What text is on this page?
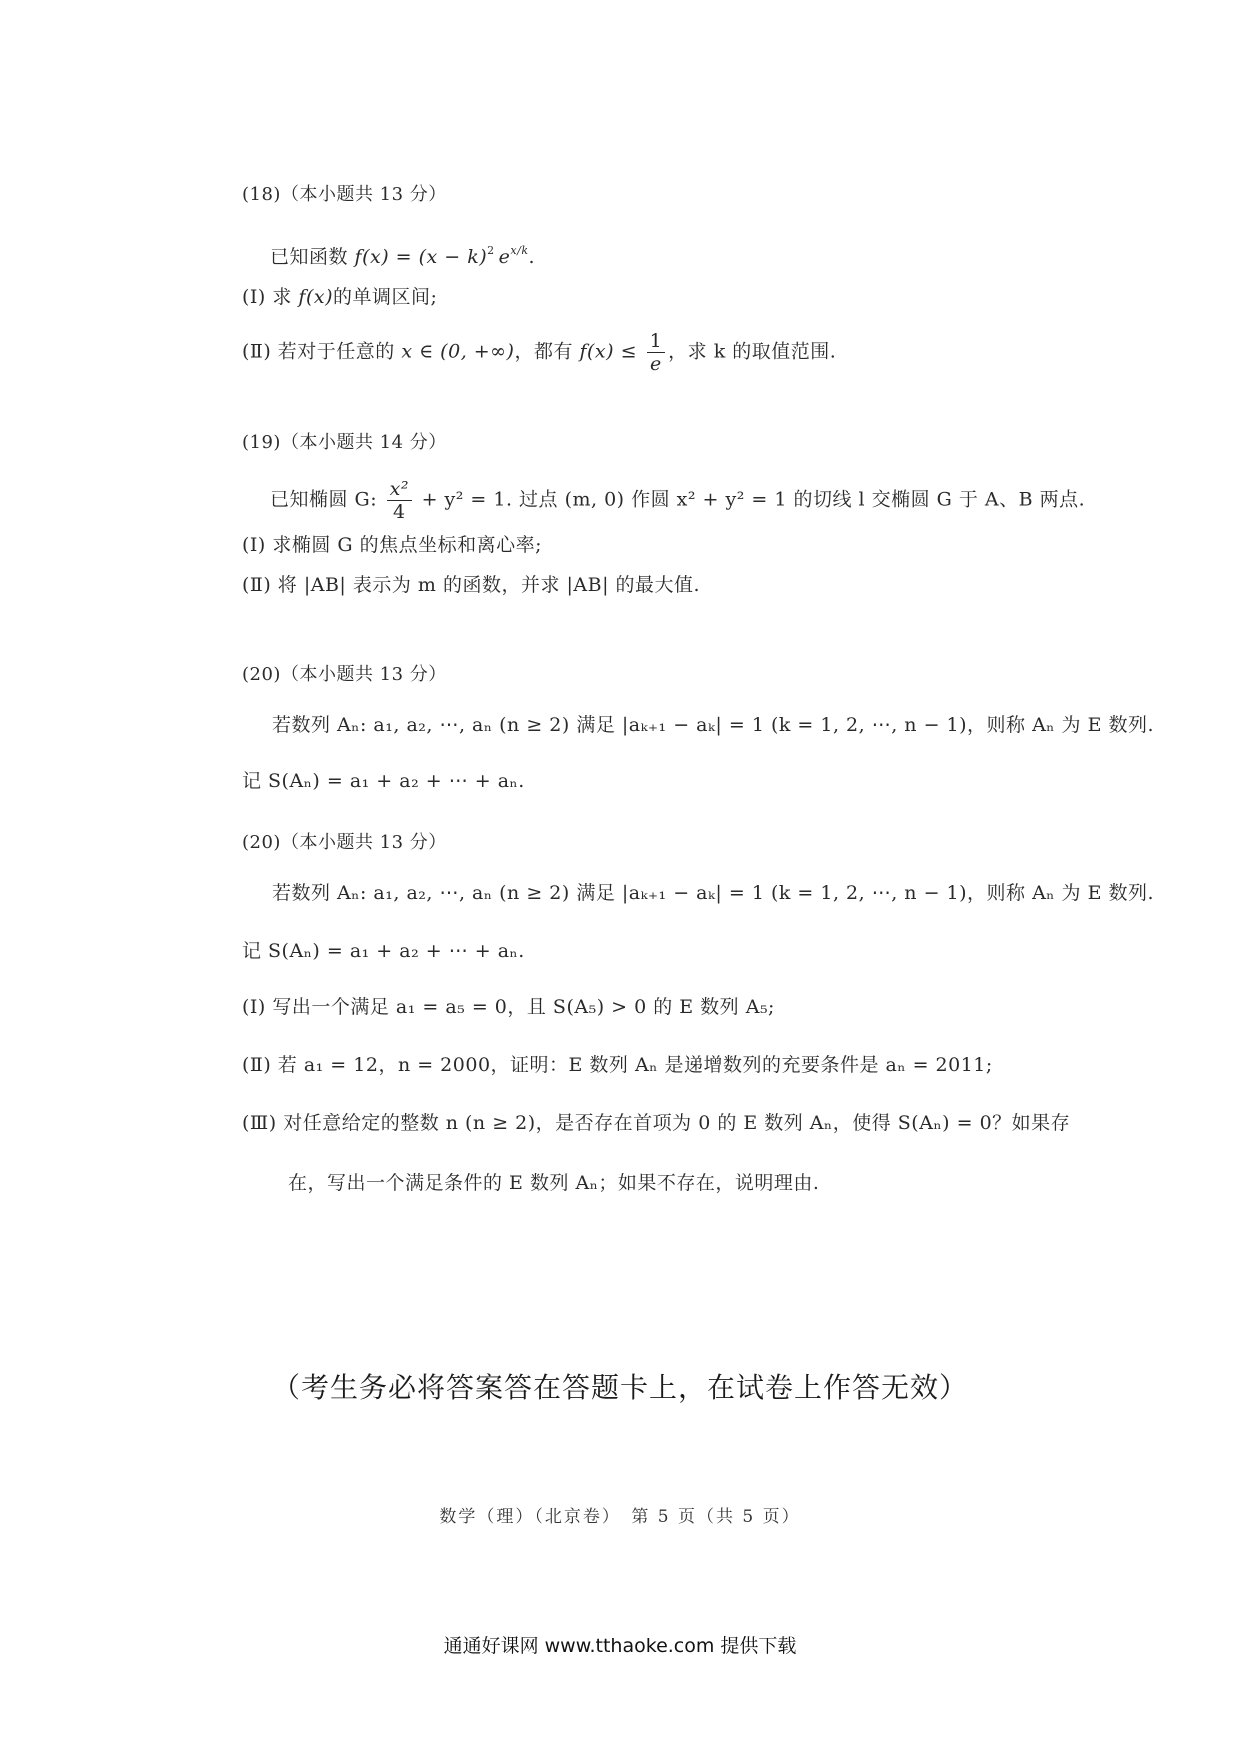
(18)（本小题共 13 分）
已知函数 $f(x) = (x - k)^2$ $e^{x/k}$.
(Ⅰ) 求 f(x)的单调区间;
(Ⅱ) 若对于任意的 x ∈ (0, +∞)，都有 $f(x) \le \frac{1}{e}$ ，求 k 的取值范围.
(19)（本小题共 14 分）
已知椭圆 G: $\frac{\text{x²}}{4} + y^2 = 1$. 过点 (m, 0) 作圆 x² + y² = 1 的切线 l 交椭圆 G 于 A、B 两点.
(Ⅰ) 求椭圆 G 的焦点坐标和离心率;
(Ⅱ) 将 |AB| 表示为 m 的函数，并求 |AB| 的最大值.
(20)（本小题共 13 分）
若数列 Aₙ: a₁, a₂, ⋯, aₙ (n ≥ 2) 满足 |aₖ₊₁ − aₖ| = 1 (k = 1, 2, ⋯, n − 1)，则称 Aₙ 为 E 数列.
记 S(Aₙ) = a₁ + a₂ + ⋯ + aₙ.
(20)（本小题共 13 分）
若数列 Aₙ: a₁, a₂, ⋯, aₙ (n ≥ 2) 满足 |aₖ₊₁ − aₖ| = 1 (k = 1, 2, ⋯, n − 1)，则称 Aₙ 为 E 数列.
记 S(Aₙ) = a₁ + a₂ + ⋯ + aₙ.
(Ⅰ) 写出一个满足 a₁ = a₅ = 0，且 S(A₅) > 0 的 E 数列 A₅;
(Ⅱ) 若 a₁ = 12，n = 2000，证明：E 数列 Aₙ 是递增数列的充要条件是 aₙ = 2011;
(Ⅲ) 对任意给定的整数 n (n ≥ 2)，是否存在首项为 0 的 E 数列 Aₙ，使得 S(Aₙ) = 0？如果存
在，写出一个满足条件的 E 数列 Aₙ；如果不存在，说明理由.
（考生务必将答案答在答题卡上，在试卷上作答无效）
数学（理）（北京卷）　第 5 页（共 5 页）
通通好课网 www.tthaoke.com 提供下载
